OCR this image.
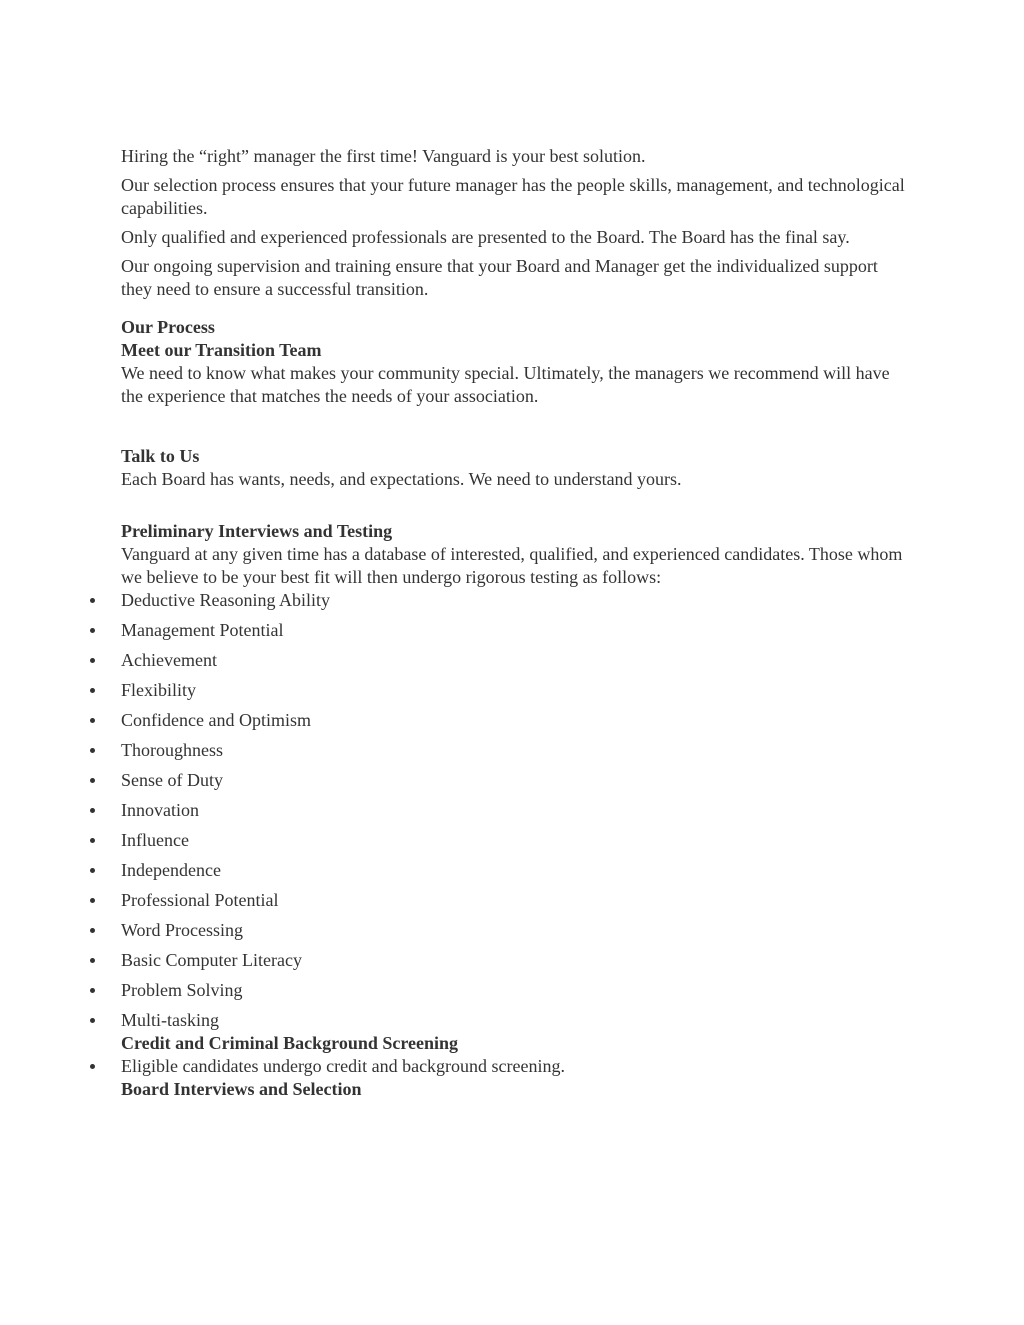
Hiring the “right” manager the first time! Vanguard is your best solution.

Our selection process ensures that your future manager has the people skills, management, and technological capabilities.

Only qualified and experienced professionals are presented to the Board. The Board has the final say.

Our ongoing supervision and training ensure that your Board and Manager get the individualized support they need to ensure a successful transition.

Our Process

Meet our Transition Team

We need to know what makes your community special. Ultimately, the managers we recommend will have the experience that matches the needs of your association.

Talk to Us

Each Board has wants, needs, and expectations. We need to understand yours.

Preliminary Interviews and Testing

Vanguard at any given time has a database of interested, qualified, and experienced candidates. Those whom we believe to be your best fit will then undergo rigorous testing as follows:

Deductive Reasoning Ability
Management Potential
Achievement
Flexibility
Confidence and Optimism
Thoroughness
Sense of Duty
Innovation
Influence
Independence
Professional Potential
Word Processing
Basic Computer Literacy
Problem Solving
Multi-tasking

Credit and Criminal Background Screening

Eligible candidates undergo credit and background screening.

Board Interviews and Selection
